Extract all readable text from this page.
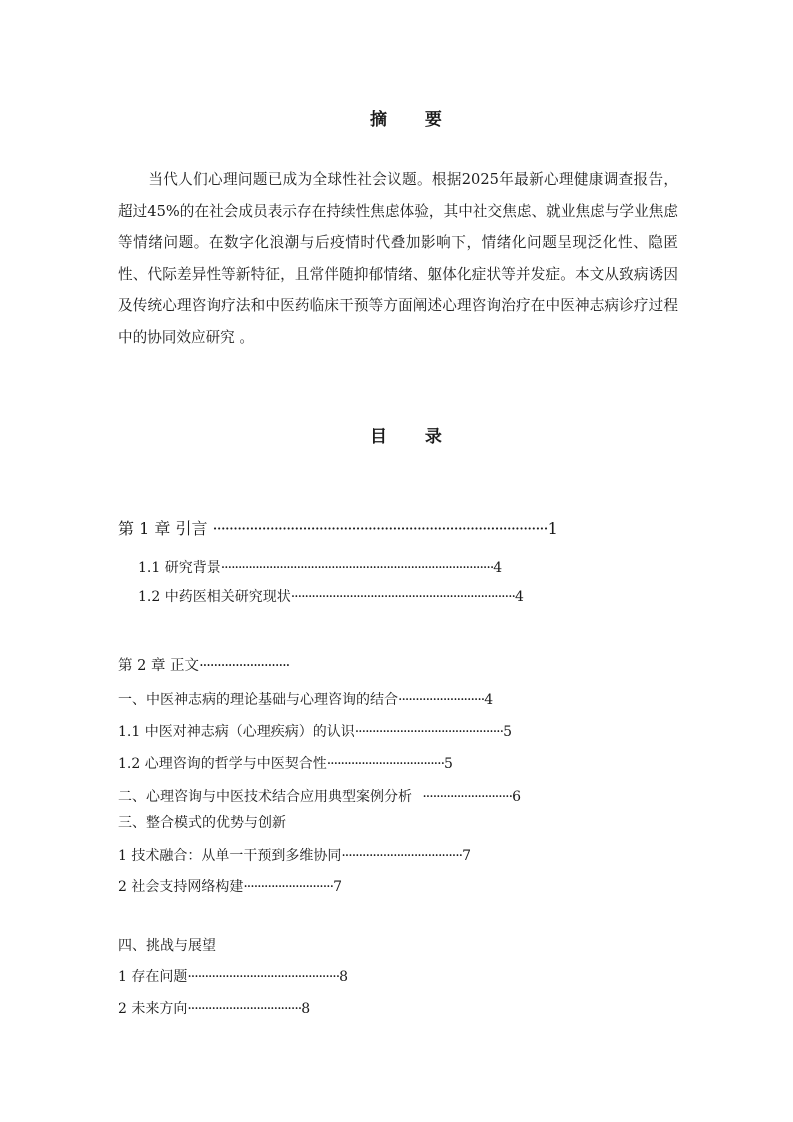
摘 要
当代人们心理问题已成为全球性社会议题。根据2025年最新心理健康调查报告，超过45%的在社会成员表示存在持续性焦虑体验，其中社交焦虑、就业焦虑与学业焦虑等情绪问题。在数字化浪潮与后疫情时代叠加影响下，情绪化问题呈现泛化性、隐匿性、代际差异性等新特征，且常伴随抑郁情绪、躯体化症状等并发症。本文从致病诱因及传统心理咨询疗法和中医药临床干预等方面阐述心理咨询治疗在中医神志病诊疗过程中的协同效应研究 。
目 录
第 1 章 引言 ··················································································1
1.1 研究背景···············································································4
1.2 中药医相关研究现状·································································4
第 2 章 正文·························
一、中医神志病的理论基础与心理咨询的结合·························4
1.1 中医对神志病（心理疾病）的认识···········································5
1.2 心理咨询的哲学与中医契合性··································5
二、心理咨询与中医技术结合应用典型案例分析   ··························6
三、整合模式的优势与创新
1 技术融合：从单一干预到多维协同···································7
2 社会支持网络构建··························7
四、挑战与展望
1 存在问题············································8
2 未来方向·································8
